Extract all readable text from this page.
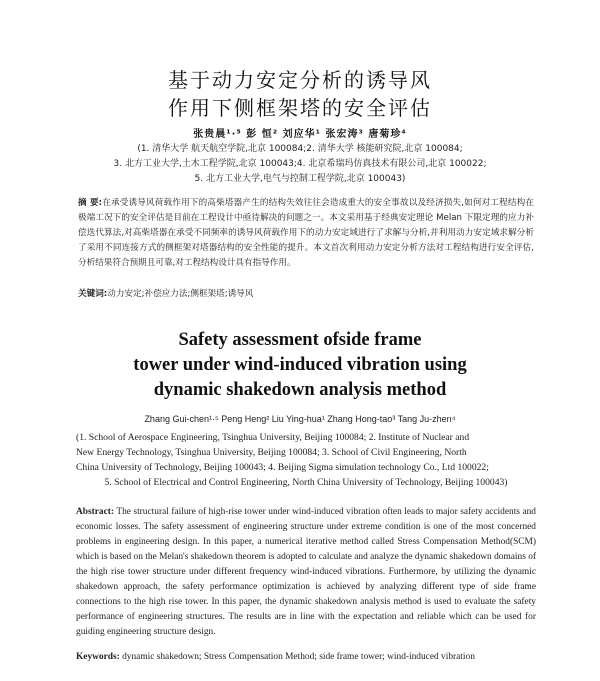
基于动力安定分析的诱导风
作用下侧框架塔的安全评估
张贵晨¹·⁵ 彭 恒² 刘应华¹ 张宏涛³ 唐菊珍⁴
(1. 清华大学 航天航空学院,北京 100084;2. 清华大学 核能研究院,北京 100084;
3. 北方工业大学,土木工程学院,北京 100043;4. 北京希瑞玛仿真技术有限公司,北京 100022;
5. 北方工业大学,电气与控制工程学院,北京 100043)
摘 要:在承受诱导风荷载作用下的高柴塔器产生的结构失效往往会造成重大的安全事故以及经济损失,如何对工程结构在极端工况下的安全评估是目前在工程设计中亟待解决的问题之一。本文采用基于经典安定理论 Melan 下限定理的应力补偿迭代算法,对高柴塔器在承受不同频率的诱导风荷载作用下的动力安定域进行了求解与分析,并利用动力安定域求解分析了采用不同连接方式的侧框架对塔器结构的安全性能的提升。本文首次利用动力安定分析方法对工程结构进行安全评估,分析结果符合预期且可靠,对工程结构设计具有指导作用。
关键词:动力安定;补偿应力法;侧框架塔;诱导风
Safety assessment ofside frame
tower under wind-induced vibration using
dynamic shakedown analysis method
Zhang Gui-chen¹·⁵ Peng Heng² Liu Ying-hua¹ Zhang Hong-tao³ Tang Ju-zhen⁴

(1. School of Aerospace Engineering, Tsinghua University, Beijing 100084; 2. Institute of Nuclear and

New Energy Technology, Tsinghua University, Beijing 100084; 3. School of Civil Engineering, North

China University of Technology, Beijing 100043; 4. Beijing Sigma simulation technology Co., Ltd 100022;

5. School of Electrical and Control Engineering, North China University of Technology, Beijing 100043)

Abstract: The structural failure of high-rise tower under wind-induced vibration often leads to major safety accidents and economic losses. The safety assessment of engineering structure under extreme condition is one of the most concerned problems in engineering design. In this paper, a numerical iterative method called Stress Compensation Method(SCM) which is based on the Melan's shakedown theorem is adopted to calculate and analyze the dynamic shakedown domains of the high rise tower structure under different frequency wind-induced vibrations. Furthermore, by utilizing the dynamic shakedown approach, the safety performance optimization is achieved by analyzing different type of side frame connections to the high rise tower. In this paper, the dynamic shakedown analysis method is used to evaluate the safety performance of engineering structures. The results are in line with the expectation and reliable which can be used for guiding engineering structure design.
Keywords: dynamic shakedown; Stress Compensation Method; side frame tower; wind-induced vibration
